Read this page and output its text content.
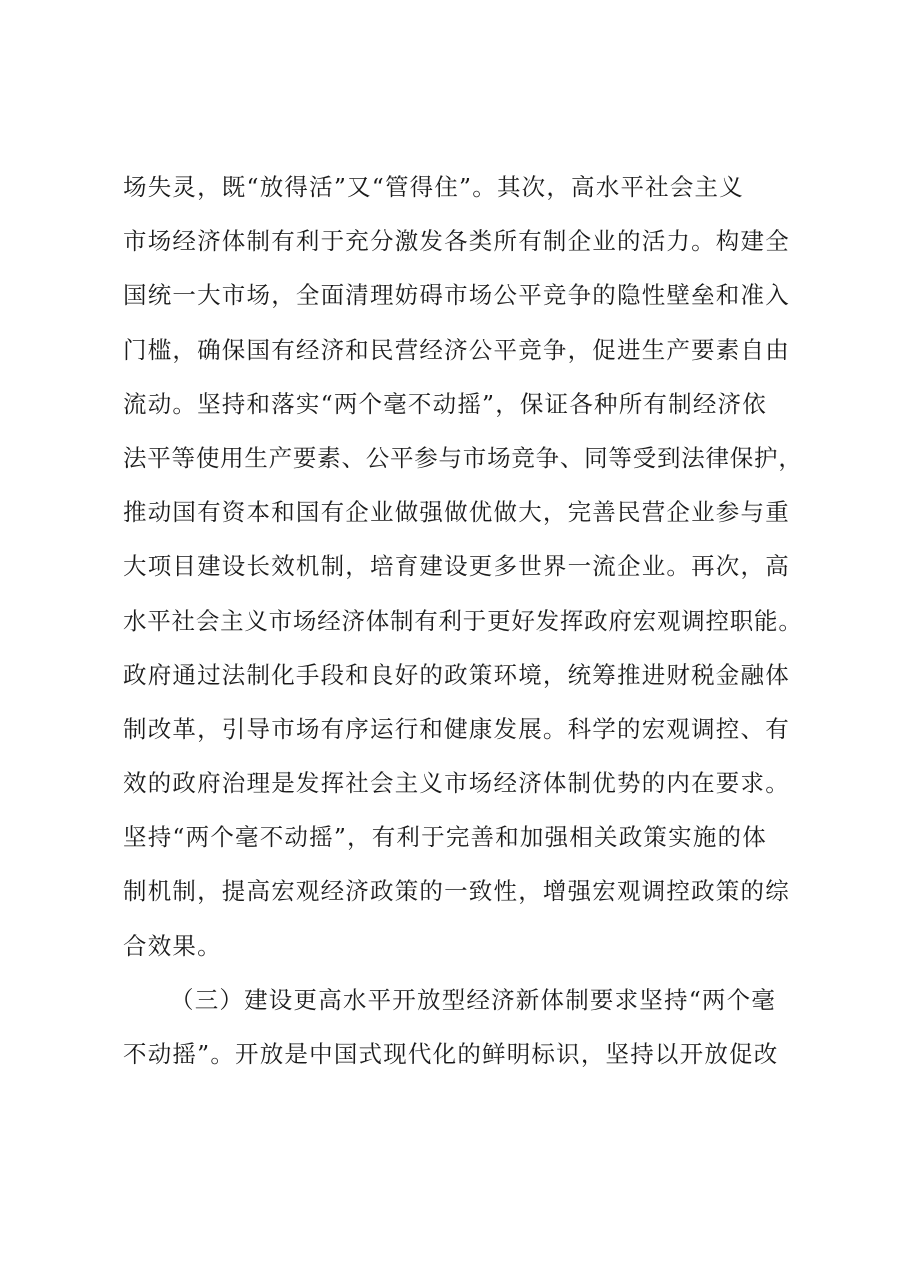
场失灵，既“放得活”又“管得住”。其次，高水平社会主义
市场经济体制有利于充分激发各类所有制企业的活力。构建全
国统一大市场，全面清理妨碍市场公平竞争的隐性壁垒和准入
门槛，确保国有经济和民营经济公平竞争，促进生产要素自由
流动。坚持和落实“两个毫不动摇”，保证各种所有制经济依
法平等使用生产要素、公平参与市场竞争、同等受到法律保护，
推动国有资本和国有企业做强做优做大，完善民营企业参与重
大项目建设长效机制，培育建设更多世界一流企业。再次，高
水平社会主义市场经济体制有利于更好发挥政府宏观调控职能。
政府通过法制化手段和良好的政策环境，统筹推进财税金融体
制改革，引导市场有序运行和健康发展。科学的宏观调控、有
效的政府治理是发挥社会主义市场经济体制优势的内在要求。
坚持“两个毫不动摇”，有利于完善和加强相关政策实施的体
制机制，提高宏观经济政策的一致性，增强宏观调控政策的综
合效果。
（三）建设更高水平开放型经济新体制要求坚持“两个毫
不动摇”。开放是中国式现代化的鲜明标识，坚持以开放促改
